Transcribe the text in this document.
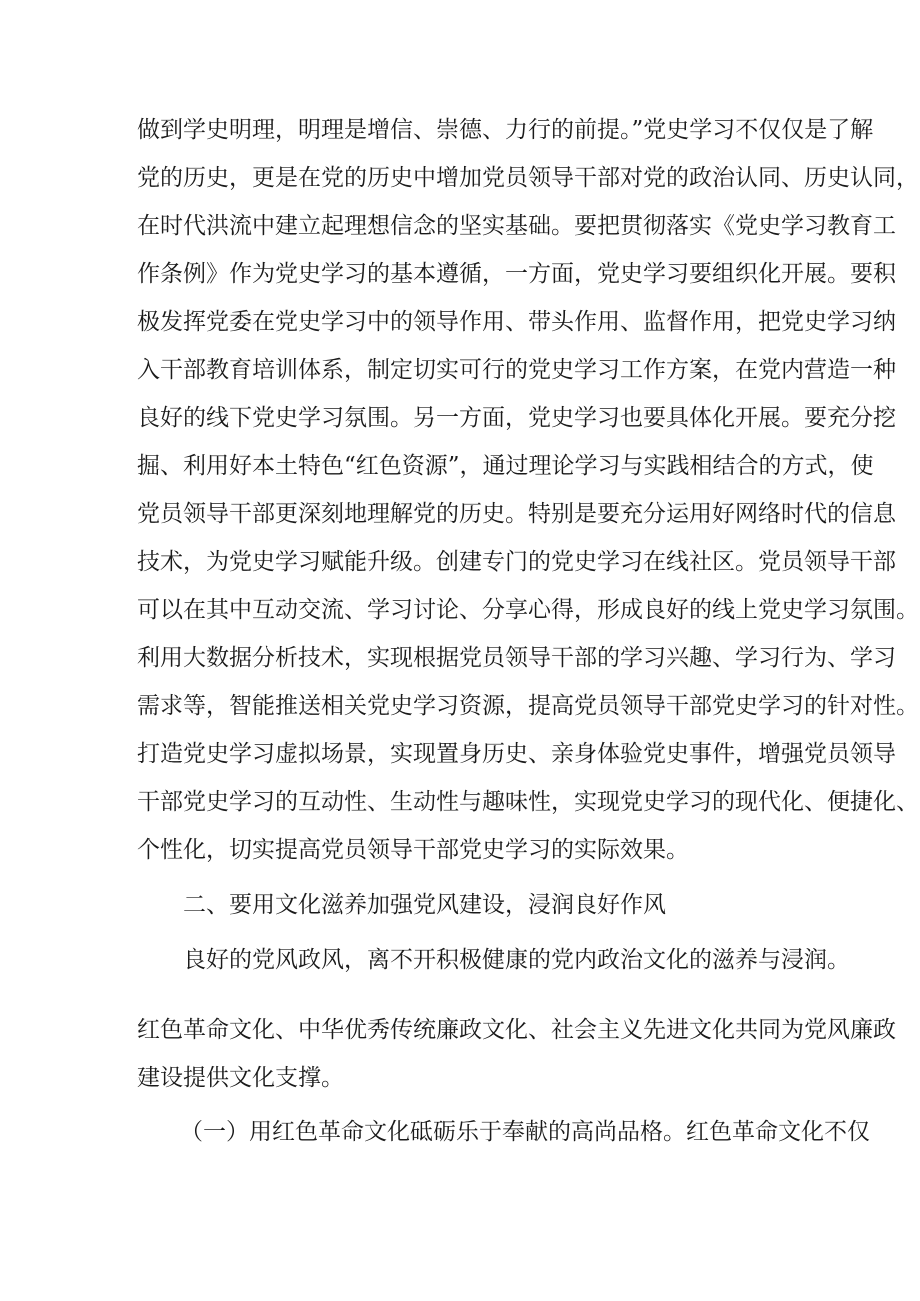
做到学史明理，明理是增信、崇德、力行的前提。”党史学习不仅仅是了解
党的历史，更是在党的历史中增加党员领导干部对党的政治认同、历史认同，
在时代洪流中建立起理想信念的坚实基础。要把贯彻落实《党史学习教育工
作条例》作为党史学习的基本遵循，一方面，党史学习要组织化开展。要积
极发挥党委在党史学习中的领导作用、带头作用、监督作用，把党史学习纳
入干部教育培训体系，制定切实可行的党史学习工作方案，在党内营造一种
良好的线下党史学习氛围。另一方面，党史学习也要具体化开展。要充分挖
掘、利用好本土特色“红色资源”，通过理论学习与实践相结合的方式，使
党员领导干部更深刻地理解党的历史。特别是要充分运用好网络时代的信息
技术，为党史学习赋能升级。创建专门的党史学习在线社区。党员领导干部
可以在其中互动交流、学习讨论、分享心得，形成良好的线上党史学习氛围。
利用大数据分析技术，实现根据党员领导干部的学习兴趣、学习行为、学习
需求等，智能推送相关党史学习资源，提高党员领导干部党史学习的针对性。
打造党史学习虚拟场景，实现置身历史、亲身体验党史事件，增强党员领导
干部党史学习的互动性、生动性与趣味性，实现党史学习的现代化、便捷化、
个性化，切实提高党员领导干部党史学习的实际效果。
二、要用文化滋养加强党风建设，浸润良好作风
良好的党风政风，离不开积极健康的党内政治文化的滋养与浸润。
红色革命文化、中华优秀传统廉政文化、社会主义先进文化共同为党风廉政
建设提供文化支撑。
（一）用红色革命文化砥砺乐于奉献的高尚品格。红色革命文化不仅
